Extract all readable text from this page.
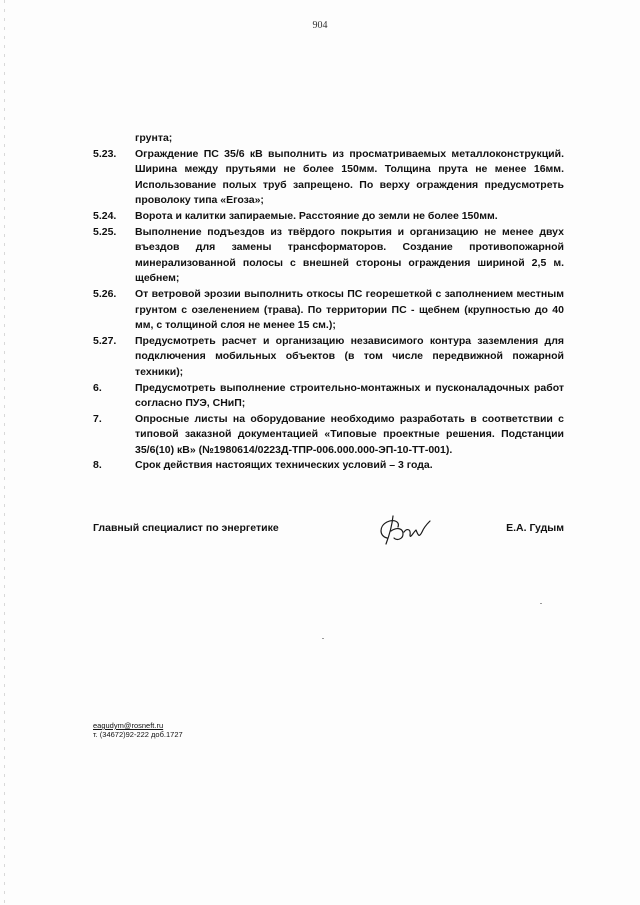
904
грунта;
5.23.	Ограждение ПС 35/6 кВ выполнить из просматриваемых металлоконструкций. Ширина между прутьями не более 150мм. Толщина прута не менее 16мм. Использование полых труб запрещено. По верху ограждения предусмотреть проволоку типа «Егоза»;
5.24.	Ворота и калитки запираемые. Расстояние до земли не более 150мм.
5.25.	Выполнение подъездов из твёрдого покрытия и организацию не менее двух въездов для замены трансформаторов. Создание противопожарной минерализованной полосы с внешней стороны ограждения шириной 2,5 м. щебнем;
5.26.	От ветровой эрозии выполнить откосы ПС георешеткой с заполнением местным грунтом с озеленением (трава). По территории ПС - щебнем (крупностью до 40 мм, с толщиной слоя не менее 15 см.);
5.27.	Предусмотреть расчет и организацию независимого контура заземления для подключения мобильных объектов (в том числе передвижной пожарной техники);
6.	Предусмотреть выполнение строительно-монтажных и пусконаладочных работ согласно ПУЭ, СНиП;
7.	Опросные листы на оборудование необходимо разработать в соответствии с типовой заказной документацией «Типовые проектные решения. Подстанции 35/6(10) кВ» (№1980614/0223Д-ТПР-006.000.000-ЭП-10-ТТ-001).
8.	Срок действия настоящих технических условий – 3 года.
Главный специалист по энергетике	Е.А. Гудым
eagudym@rosneft.ru
т. (34672)92-222 доб.1727
